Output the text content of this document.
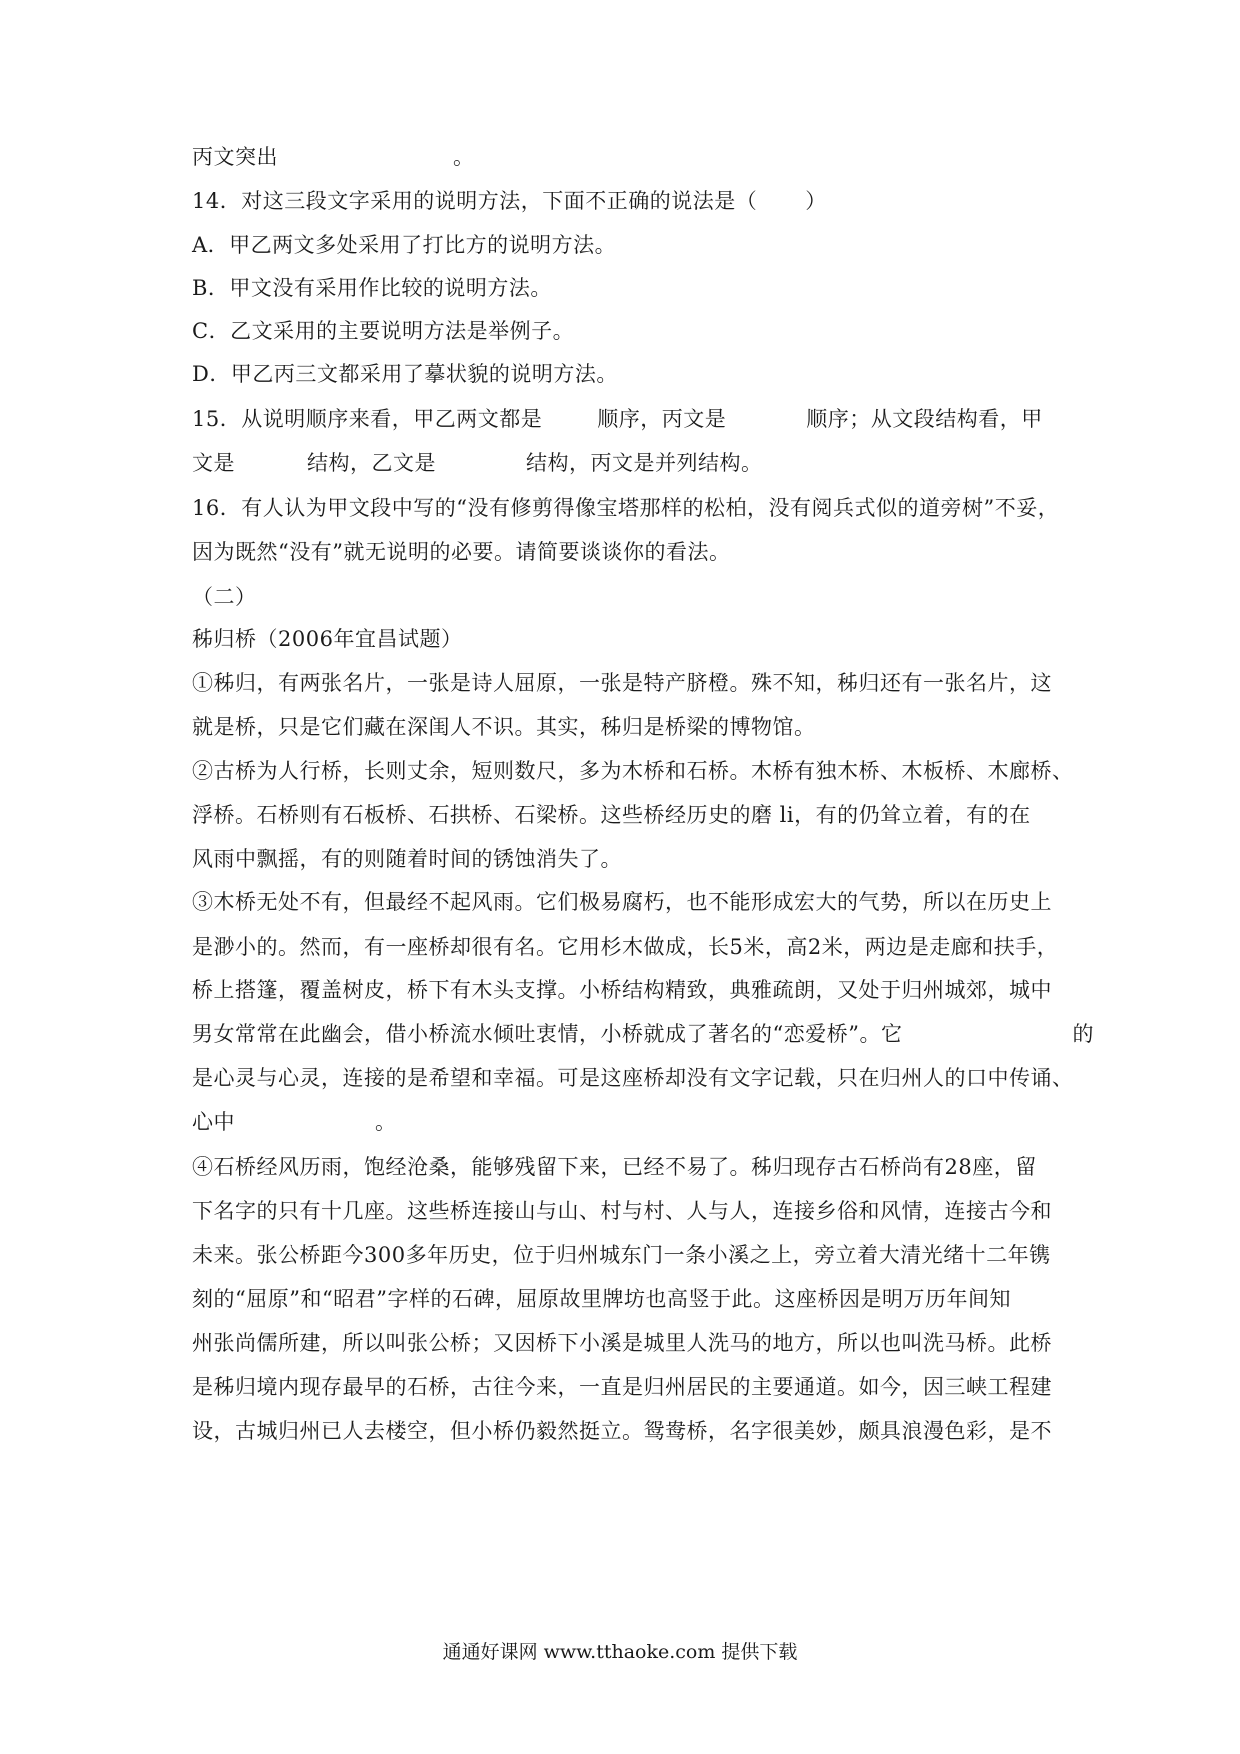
丙文突出	。
14．对这三段文字采用的说明方法，下面不正确的说法是（ ）
A．甲乙两文多处采用了打比方的说明方法。
B．甲文没有采用作比较的说明方法。
C．乙文采用的主要说明方法是举例子。
D．甲乙丙三文都采用了摹状貌的说明方法。
15．从说明顺序来看，甲乙两文都是	顺序，丙文是	顺序；从文段结构看，甲
文是	结构，乙文是	结构，丙文是并列结构。
16．有人认为甲文段中写的“没有修剪得像宝塔那样的松柏，没有阅兵式似的道旁树”不妥，
因为既然“没有”就无说明的必要。请简要谈谈你的看法。
（二）
秭归桥（2006年宜昌试题）
①秭归，有两张名片，一张是诗人屈原，一张是特产脐橙。殊不知，秭归还有一张名片，这
就是桥，只是它们藏在深闺人不识。其实，秭归是桥梁的博物馆。
②古桥为人行桥，长则丈余，短则数尺，多为木桥和石桥。木桥有独木桥、木板桥、木廊桥、
浮桥。石桥则有石板桥、石拱桥、石梁桥。这些桥经历史的磨 li，有的仍耸立着，有的在
风雨中飘摇，有的则随着时间的锈蚀消失了。
③木桥无处不有，但最经不起风雨。它们极易腐朽，也不能形成宏大的气势，所以在历史上
是渺小的。然而，有一座桥却很有名。它用杉木做成，长5米，高2米，两边是走廊和扶手，
桥上搭篷，覆盖树皮，桥下有木头支撑。小桥结构精致，典雅疏朗，又处于归州城郊，城中
男女常常在此幽会，借小桥流水倾吐衷情，小桥就成了著名的“恋爱桥”。它	的
是心灵与心灵，连接的是希望和幸福。可是这座桥却没有文字记载，只在归州人的口中传诵、
心中	。
④石桥经风历雨，饱经沧桑，能够残留下来，已经不易了。秭归现存古石桥尚有28座，留
下名字的只有十几座。这些桥连接山与山、村与村、人与人，连接乡俗和风情，连接古今和
未来。张公桥距今300多年历史，位于归州城东门一条小溪之上，旁立着大清光绪十二年镌
刻的“屈原”和“昭君”字样的石碑，屈原故里牌坊也高竖于此。这座桥因是明万历年间知
州张尚儒所建，所以叫张公桥；又因桥下小溪是城里人洗马的地方，所以也叫洗马桥。此桥
是秭归境内现存最早的石桥，古往今来，一直是归州居民的主要通道。如今，因三峡工程建
设，古城归州已人去楼空，但小桥仍毅然挺立。鸳鸯桥，名字很美妙，颇具浪漫色彩，是不
通通好课网 www.tthaoke.com 提供下载
